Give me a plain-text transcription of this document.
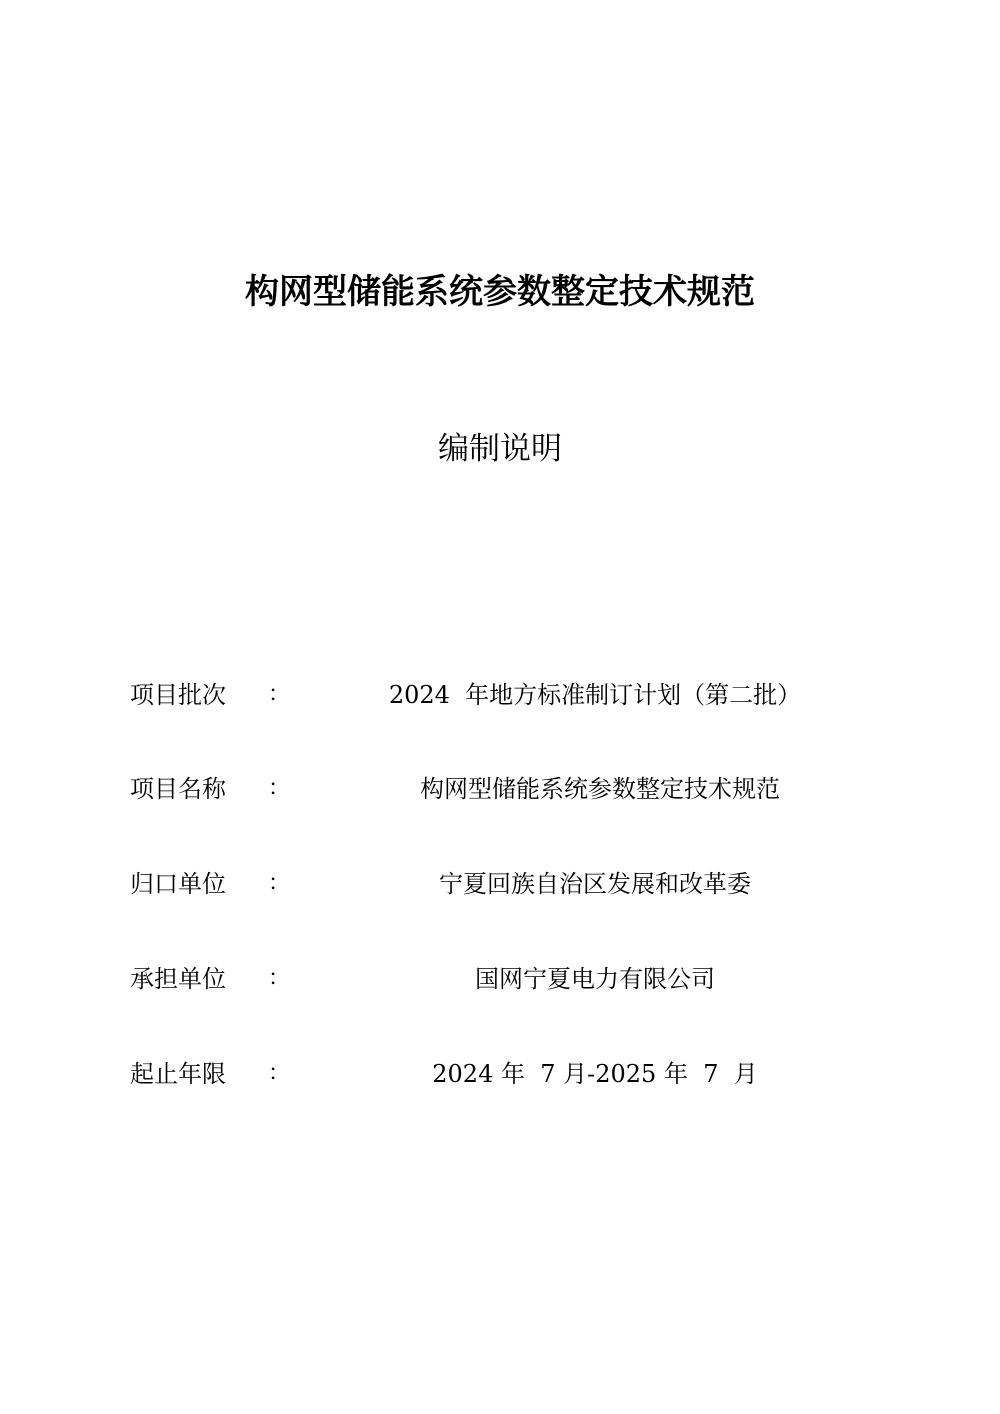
构网型储能系统参数整定技术规范
编制说明
项目批次	：	2024  年地方标准制订计划（第二批）
项目名称	：	构网型储能系统参数整定技术规范
归口单位	：	宁夏回族自治区发展和改革委
承担单位	：	国网宁夏电力有限公司
起止年限	：	2024 年  7 月-2025 年  7  月
